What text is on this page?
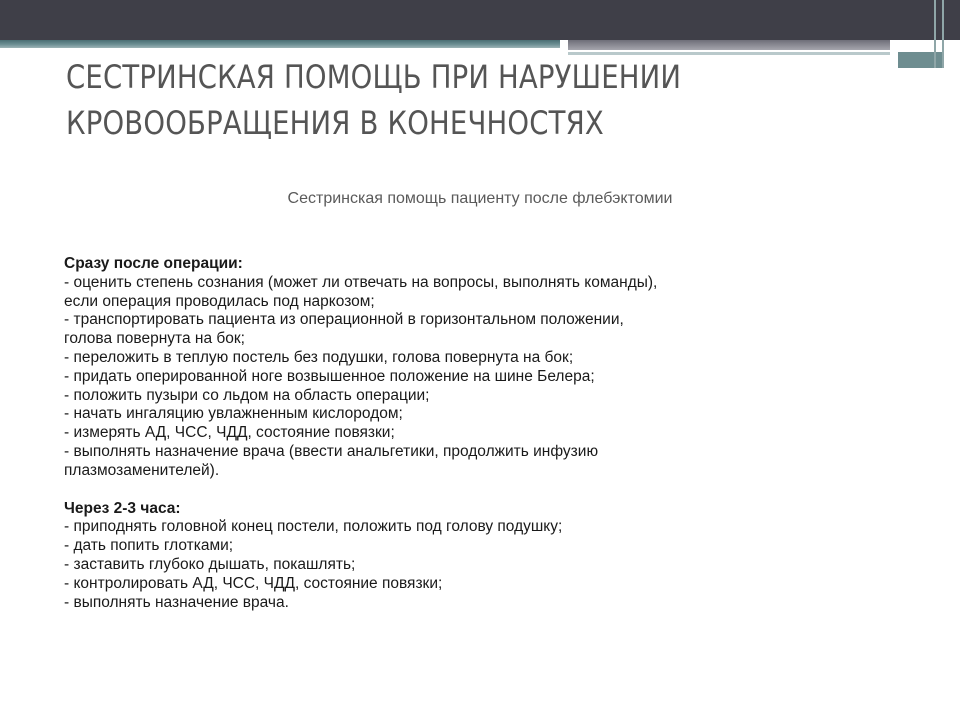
СЕСТРИНСКАЯ ПОМОЩЬ ПРИ НАРУШЕНИИ
КРОВООБРАЩЕНИЯ В КОНЕЧНОСТЯХ
Сестринская помощь пациенту после флебэктомии
Сразу после операции:
- оценить степень сознания (может ли отвечать на вопросы, выполнять команды),
если операция проводилась под наркозом;
- транспортировать пациента из операционной в горизонтальном положении,
голова повернута на бок;
- переложить в теплую постель без подушки, голова повернута на бок;
- придать оперированной ноге возвышенное положение на шине Белера;
- положить пузыри со льдом на область операции;
- начать ингаляцию увлажненным кислородом;
- измерять АД, ЧСС, ЧДД, состояние повязки;
- выполнять назначение врача (ввести анальгетики, продолжить инфузию
плазмозаменителей).
Через 2-3 часа:
- приподнять головной конец постели, положить под голову подушку;
- дать попить глотками;
- заставить глубоко дышать, покашлять;
- контролировать АД, ЧСС, ЧДД, состояние повязки;
- выполнять назначение врача.
